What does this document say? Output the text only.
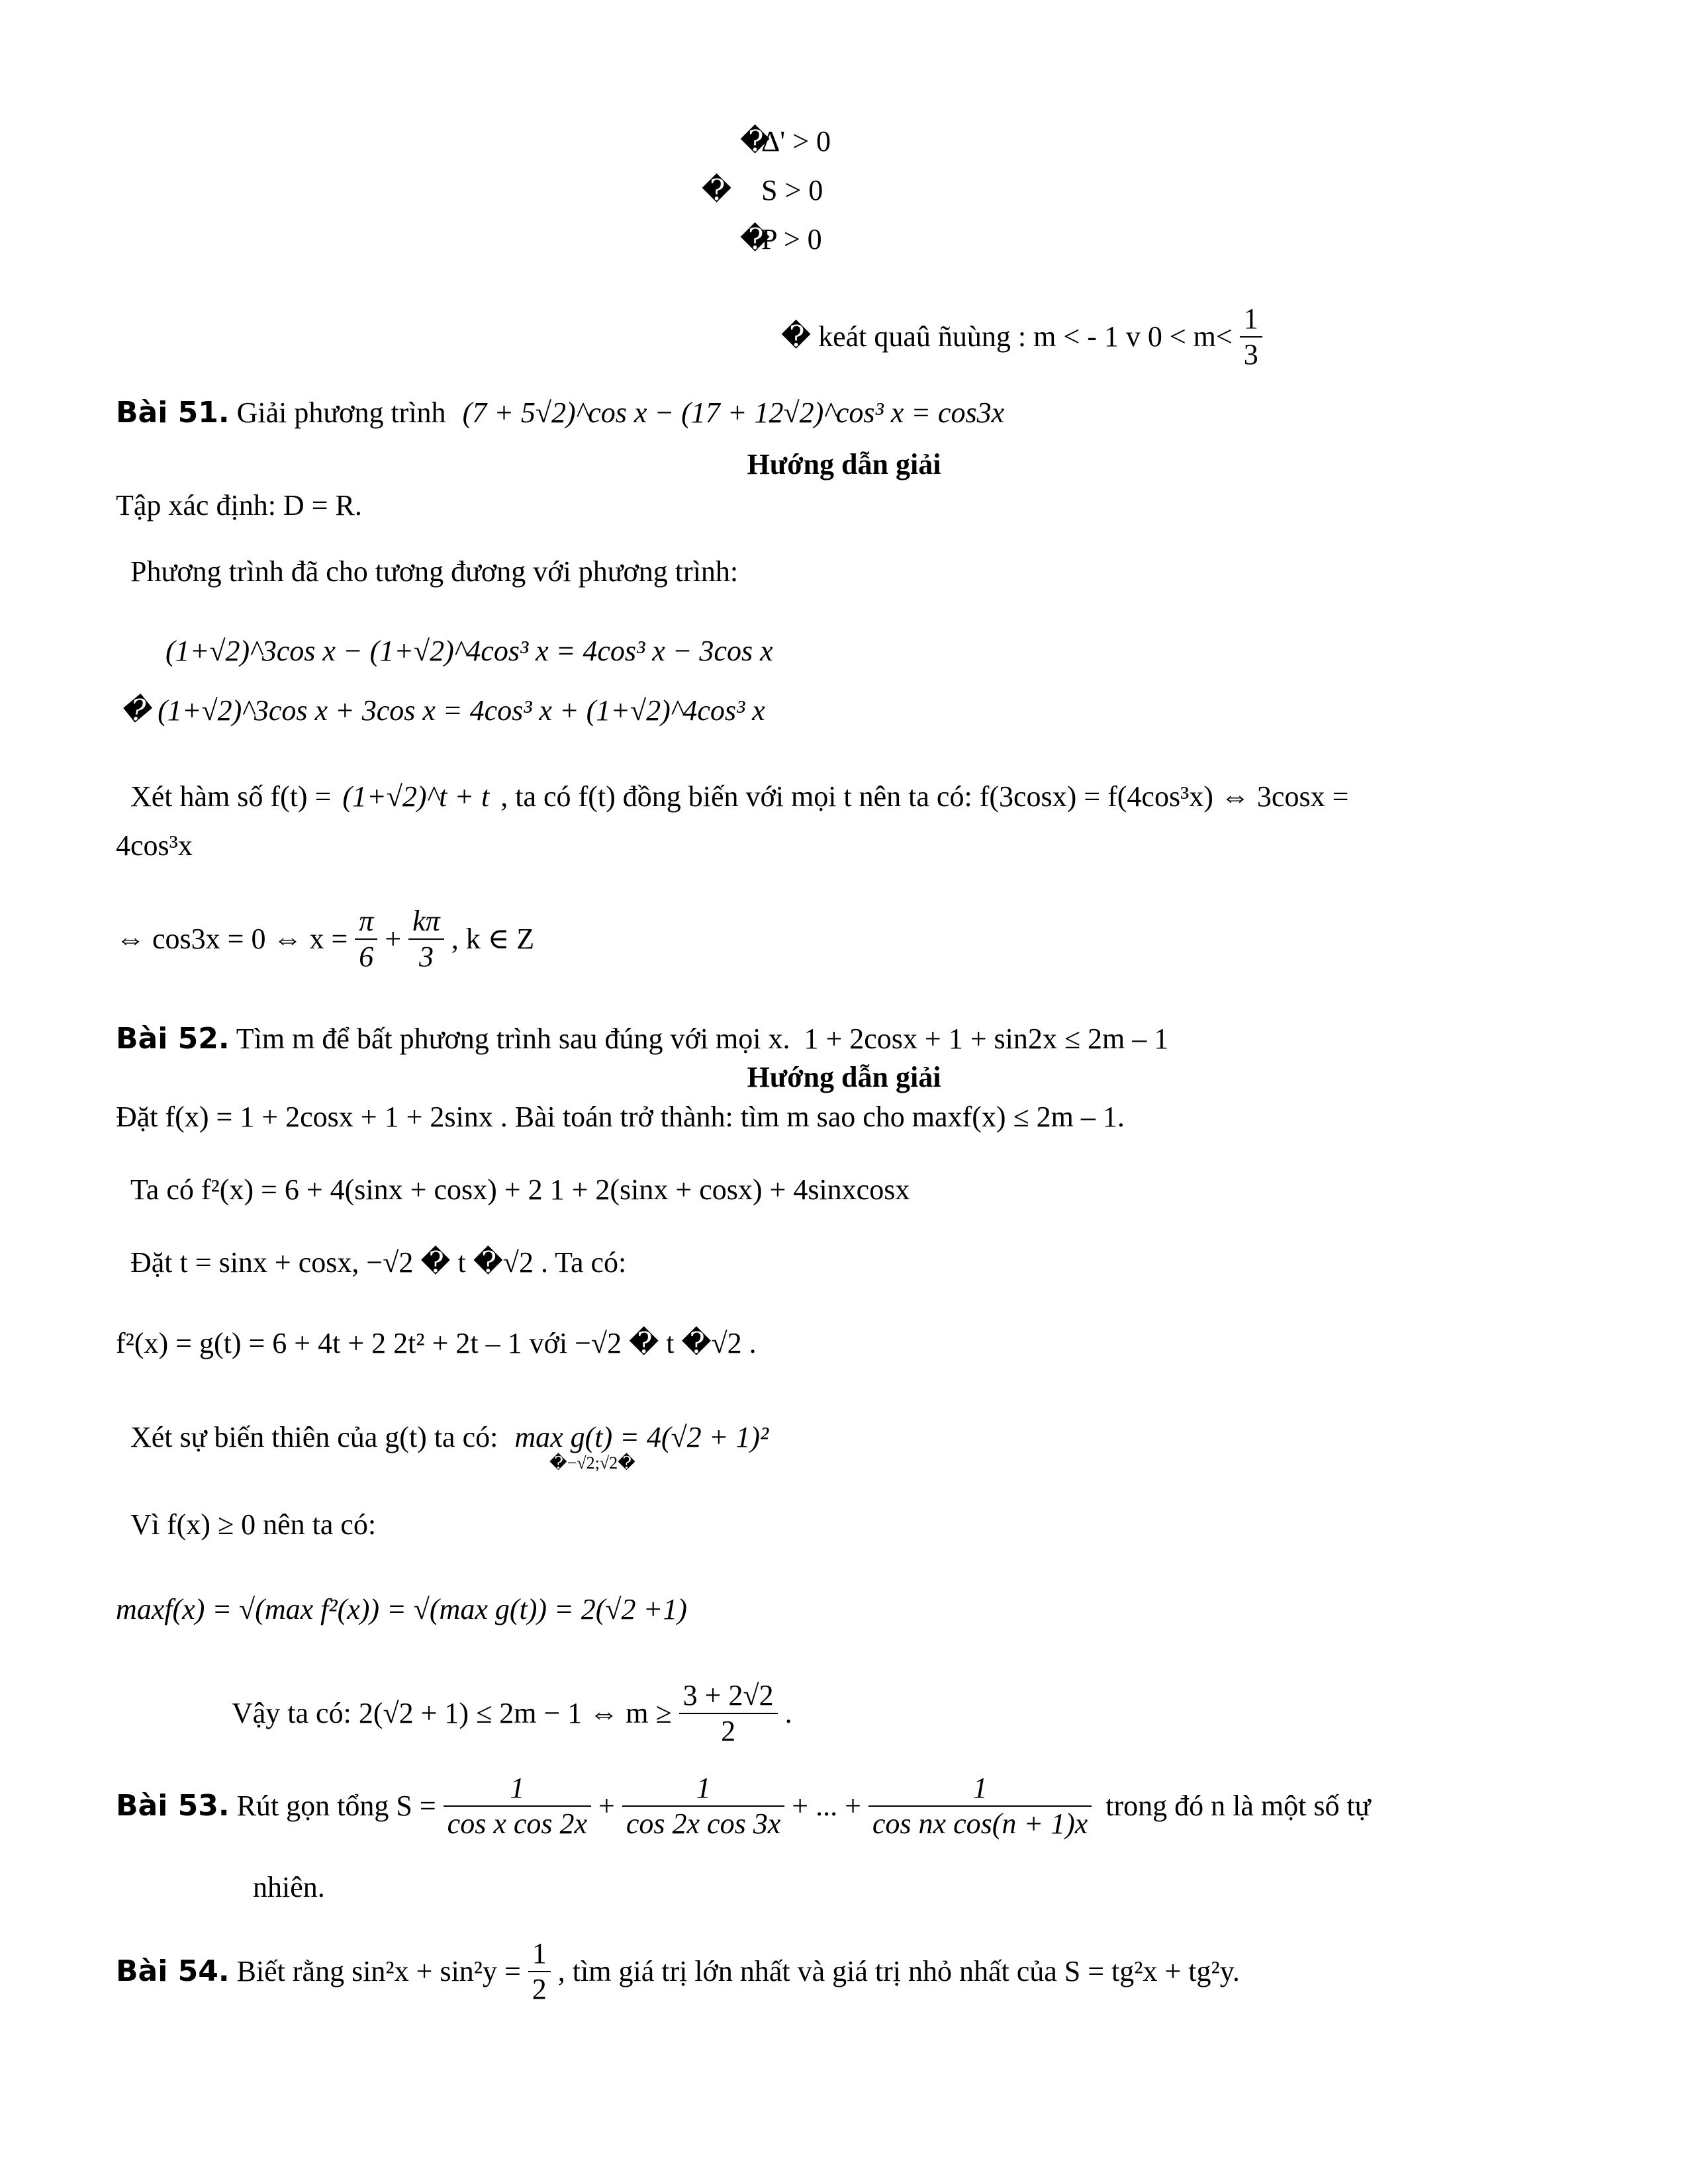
�
Δ' > 0
� S > 0
�
P > 0
� keát quaû ñuùng : m < - 1 v $0 < m< \frac{1}{3}$
Bài 51. Giải phương trình (7 + 5√2)^cos x − (17 + 12√2)^cos³ x = cos3x
Hướng dẫn giải
Tập xác định: D = R.
Phương trình đã cho tương đương với phương trình:
(1+√2)^3cos x − (1+√2)^4cos³ x = 4cos³ x − 3cos x
� (1+√2)^3cos x + 3cos x = 4cos³ x + (1+√2)^4cos³ x
Xét hàm số f(t) = (1+√2)^t + t , ta có f(t) đồng biến với mọi t nên ta có: f(3cosx) = f(4cos³x) ⇔ 3cosx =
4cos³x
⇔ cos3x = 0 ⇔ $x = \frac{\pi}{6} + \frac{k\pi}{3}$ , k ∈ Z
Bài 52. Tìm m để bất phương trình sau đúng với mọi x. 1 + 2cosx + 1 + sin2x ≤ 2m – 1
Hướng dẫn giải
Đặt f(x) = 1 + 2cosx + 1 + 2sinx . Bài toán trở thành: tìm m sao cho maxf(x) ≤ 2m – 1.
Ta có f²(x) = 6 + 4(sinx + cosx) + 2 1 + 2(sinx + cosx) + 4sinxcosx
Đặt t = sinx + cosx, −√2 � t �√2 . Ta có:
f²(x) = g(t) = 6 + 4t + 2 2t² + 2t – 1 với −√2 � t �√2 .
Xét sự biến thiên của g(t) ta có: max g(t) = 4(√2 + 1)²
�−√2;√2�
Vì f(x) ≥ 0 nên ta có:
maxf(x) = √(max f²(x)) = √(max g(t)) = 2(√2 +1)
Vậy ta có: 2(√2 + 1) ≤ 2m − 1 ⇔ $m \ge \frac{3 + 2√2}{2}$ .
Bài 53. Rút gọn tổng $S = \frac{1}{\text{cos x cos 2x}} + \frac{1}{\text{cos 2x cos 3x}}$ + ... + $\frac{1}{\text{cos nx cos(n + 1)x}}$ trong đó n là một số tự
nhiên.
Bài 54. Biết rằng $\sin^2x + \sin^2y = \frac{1}{2}$ , tìm giá trị lớn nhất và giá trị nhỏ nhất của S = tg²x + tg²y.
